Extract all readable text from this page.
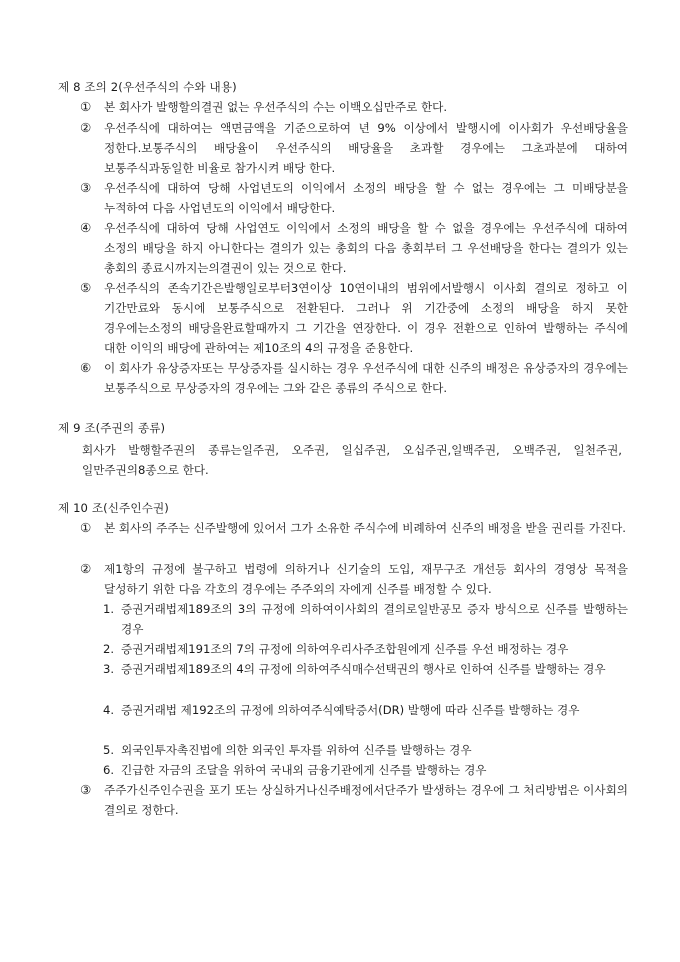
제 8 조의 2(우선주식의 수와 내용)
①	본 회사가 발행할의결권 없는 우선주식의 수는 이백오십만주로 한다.
②	우선주식에 대하여는 액면금액을 기준으로하여 년 9% 이상에서 발행시에 이사회가 우선배당율을 정한다.보통주식의 배당율이 우선주식의 배당율을 초과할 경우에는 그초과분에 대하여 보통주식과동일한 비율로 참가시켜 배당 한다.
③	우선주식에 대하여 당해 사업년도의 이익에서 소정의 배당을 할 수 없는 경우에는 그 미배당분을 누적하여 다음 사업년도의 이익에서 배당한다.
④	우선주식에 대하여 당해 사업연도 이익에서 소정의 배당을 할 수 없을 경우에는 우선주식에 대하여 소정의 배당을 하지 아니한다는 결의가 있는 총회의 다음 총회부터 그 우선배당을 한다는 결의가 있는 총회의 종료시까지는의결권이 있는 것으로 한다.
⑤	우선주식의 존속기간은발행일로부터3연이상 10연이내의 범위에서발행시 이사회 결의로 정하고 이 기간만료와 동시에 보통주식으로 전환된다. 그러나 위 기간중에 소정의 배당을 하지 못한 경우에는소정의 배당을완료할때까지 그 기간을 연장한다. 이 경우 전환으로 인하여 발행하는 주식에 대한 이익의 배당에 관하여는 제10조의 4의 규정을 준용한다.
⑥	이 회사가 유상증자또는 무상증자를 실시하는 경우 우선주식에 대한 신주의 배정은 유상증자의 경우에는 보통주식으로 무상증자의 경우에는 그와 같은 종류의 주식으로 한다.
제 9 조(주권의 종류)
회사가 발행할주권의 종류는일주권, 오주권, 일십주권, 오십주권,일백주권, 오백주권, 일천주권, 일만주권의8종으로 한다.
제 10 조(신주인수권)
①	본 회사의 주주는 신주발행에 있어서 그가 소유한 주식수에 비례하여 신주의 배정을 받을 권리를 가진다.
②	제1항의 규정에 불구하고 법령에 의하거나 신기술의 도입, 재무구조 개선등 회사의 경영상 목적을 달성하기 위한 다음 각호의 경우에는 주주외의 자에게 신주를 배정할 수 있다.
1. 증권거래법제189조의 3의 규정에 의하여이사회의 결의로일반공모 증자 방식으로 신주를 발행하는 경우
2. 증권거래법제191조의 7의 규정에 의하여우리사주조합원에게 신주를 우선 배정하는 경우
3. 증권거래법제189조의 4의 규정에 의하여주식매수선택권의 행사로 인하여 신주를 발행하는 경우
4. 증권거래법 제192조의 규정에 의하여주식예탁증서(DR) 발행에 따라 신주를 발행하는 경우
5. 외국인투자촉진법에 의한 외국인 투자를 위하여 신주를 발행하는 경우
6. 긴급한 자금의 조달을 위하여 국내외 금융기관에게 신주를 발행하는 경우
③	주주가신주인수권을 포기 또는 상실하거나신주배정에서단주가 발생하는 경우에 그 처리방법은 이사회의 결의로 정한다.
